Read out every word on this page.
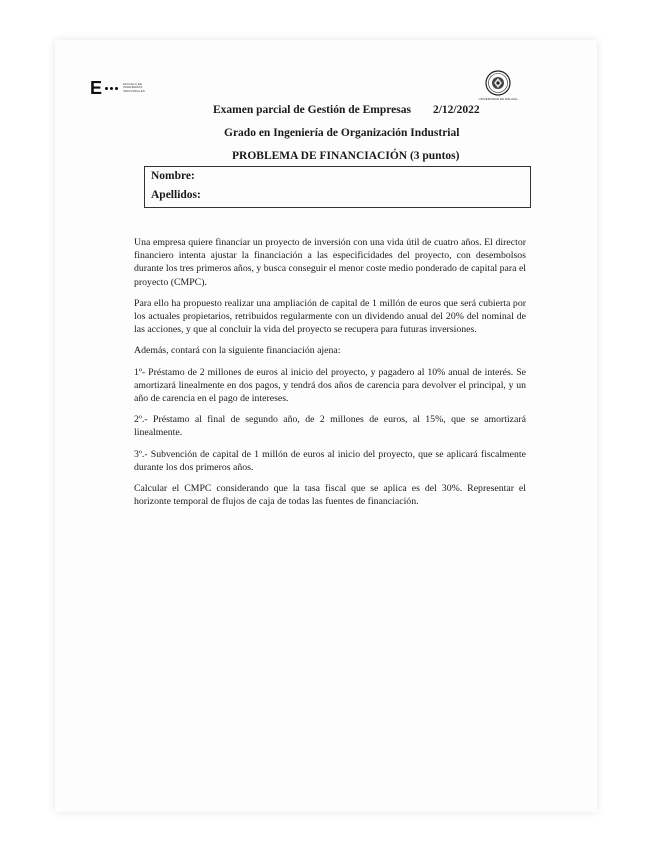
E	ESCUELA DE INGENIERÍAS INDUSTRIALES
UNIVERSIDAD DE MÁLAGA
Examen parcial de Gestión de Empresas 2/12/2022
Grado en Ingeniería de Organización Industrial
PROBLEMA DE FINANCIACIÓN (3 puntos)
Nombre:
Apellidos:

Una empresa quiere financiar un proyecto de inversión con una vida útil de cuatro años. El director financiero intenta ajustar la financiación a las especificidades del proyecto, con desembolsos durante los tres primeros años, y busca conseguir el menor coste medio ponderado de capital para el proyecto (CMPC).

Para ello ha propuesto realizar una ampliación de capital de 1 millón de euros que será cubierta por los actuales propietarios, retribuidos regularmente con un dividendo anual del 20% del nominal de las acciones, y que al concluir la vida del proyecto se recupera para futuras inversiones.

Además, contará con la siguiente financiación ajena:

1º- Préstamo de 2 millones de euros al inicio del proyecto, y pagadero al 10% anual de interés. Se amortizará linealmente en dos pagos, y tendrá dos años de carencia para devolver el principal, y un año de carencia en el pago de intereses.

2º.- Préstamo al final de segundo año, de 2 millones de euros, al 15%, que se amortizará linealmente.

3º.- Subvención de capital de 1 millón de euros al inicio del proyecto, que se aplicará fiscalmente durante los dos primeros años.

Calcular el CMPC considerando que la tasa fiscal que se aplica es del 30%. Representar el horizonte temporal de flujos de caja de todas las fuentes de financiación.
